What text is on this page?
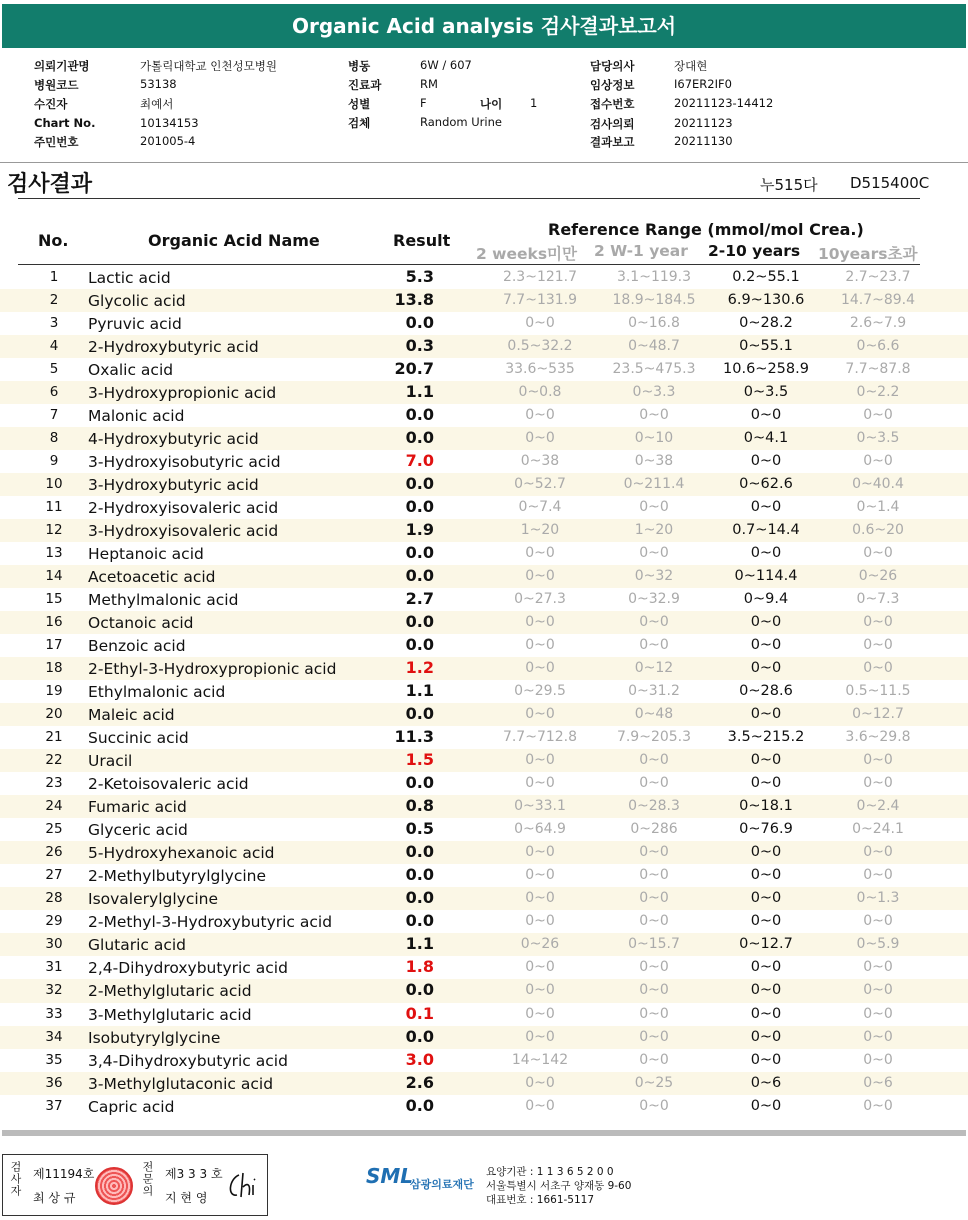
Organic Acid analysis 검사결과보고서
의뢰기관명	가톨릭대학교 인천성모병원
병원코드	53138
수진자	최예서
Chart No.	10134153
주민번호	201005-4
병동	6W / 607
진료과	RM
성별	F	나이 1
검체	Random Urine
담당의사	장대현
임상정보	I67ER2IF0
접수번호	20211123-14412
검사의뢰	20211123
결과보고	20211130
검사결과	누515다 D515400C
No.	Organic Acid Name	Result
Reference Range (mmol/mol Crea.)
2 weeks미만 2 W-1 year 2-10 years 10years초과
1	Lactic acid	5.3	2.3~121.7	3.1~119.3	0.2~55.1	2.7~23.7
2	Glycolic acid	13.8	7.7~131.9	18.9~184.5	6.9~130.6	14.7~89.4
3	Pyruvic acid	0.0	0~0	0~16.8	0~28.2	2.6~7.9
4	2-Hydroxybutyric acid	0.3	0.5~32.2	0~48.7	0~55.1	0~6.6
5	Oxalic acid	20.7	33.6~535	23.5~475.3	10.6~258.9	7.7~87.8
6	3-Hydroxypropionic acid	1.1	0~0.8	0~3.3	0~3.5	0~2.2
7	Malonic acid	0.0	0~0	0~0	0~0	0~0
8	4-Hydroxybutyric acid	0.0	0~0	0~10	0~4.1	0~3.5
9	3-Hydroxyisobutyric acid	7.0	0~38	0~38	0~0	0~0
10	3-Hydroxybutyric acid	0.0	0~52.7	0~211.4	0~62.6	0~40.4
11	2-Hydroxyisovaleric acid	0.0	0~7.4	0~0	0~0	0~1.4
12	3-Hydroxyisovaleric acid	1.9	1~20	1~20	0.7~14.4	0.6~20
13	Heptanoic acid	0.0	0~0	0~0	0~0	0~0
14	Acetoacetic acid	0.0	0~0	0~32	0~114.4	0~26
15	Methylmalonic acid	2.7	0~27.3	0~32.9	0~9.4	0~7.3
16	Octanoic acid	0.0	0~0	0~0	0~0	0~0
17	Benzoic acid	0.0	0~0	0~0	0~0	0~0
18	2-Ethyl-3-Hydroxypropionic acid	1.2	0~0	0~12	0~0	0~0
19	Ethylmalonic acid	1.1	0~29.5	0~31.2	0~28.6	0.5~11.5
20	Maleic acid	0.0	0~0	0~48	0~0	0~12.7
21	Succinic acid	11.3	7.7~712.8	7.9~205.3	3.5~215.2	3.6~29.8
22	Uracil	1.5	0~0	0~0	0~0	0~0
23	2-Ketoisovaleric acid	0.0	0~0	0~0	0~0	0~0
24	Fumaric acid	0.8	0~33.1	0~28.3	0~18.1	0~2.4
25	Glyceric acid	0.5	0~64.9	0~286	0~76.9	0~24.1
26	5-Hydroxyhexanoic acid	0.0	0~0	0~0	0~0	0~0
27	2-Methylbutyrylglycine	0.0	0~0	0~0	0~0	0~0
28	Isovalerylglycine	0.0	0~0	0~0	0~0	0~1.3
29	2-Methyl-3-Hydroxybutyric acid	0.0	0~0	0~0	0~0	0~0
30	Glutaric acid	1.1	0~26	0~15.7	0~12.7	0~5.9
31	2,4-Dihydroxybutyric acid	1.8	0~0	0~0	0~0	0~0
32	2-Methylglutaric acid	0.0	0~0	0~0	0~0	0~0
33	3-Methylglutaric acid	0.1	0~0	0~0	0~0	0~0
34	Isobutyrylglycine	0.0	0~0	0~0	0~0	0~0
35	3,4-Dihydroxybutyric acid	3.0	14~142	0~0	0~0	0~0
36	3-Methylglutaconic acid	2.6	0~0	0~25	0~6	0~6
37	Capric acid	0.0	0~0	0~0	0~0	0~0
검사자 제11194호
최 상 규
전문의 제3 3 3 호
지 현 영
SML
삼광의료재단
요양기관 : 1 1 3 6 5 2 0 0
서울특별시 서초구 양재동 9-60
대표번호 : 1661-5117
